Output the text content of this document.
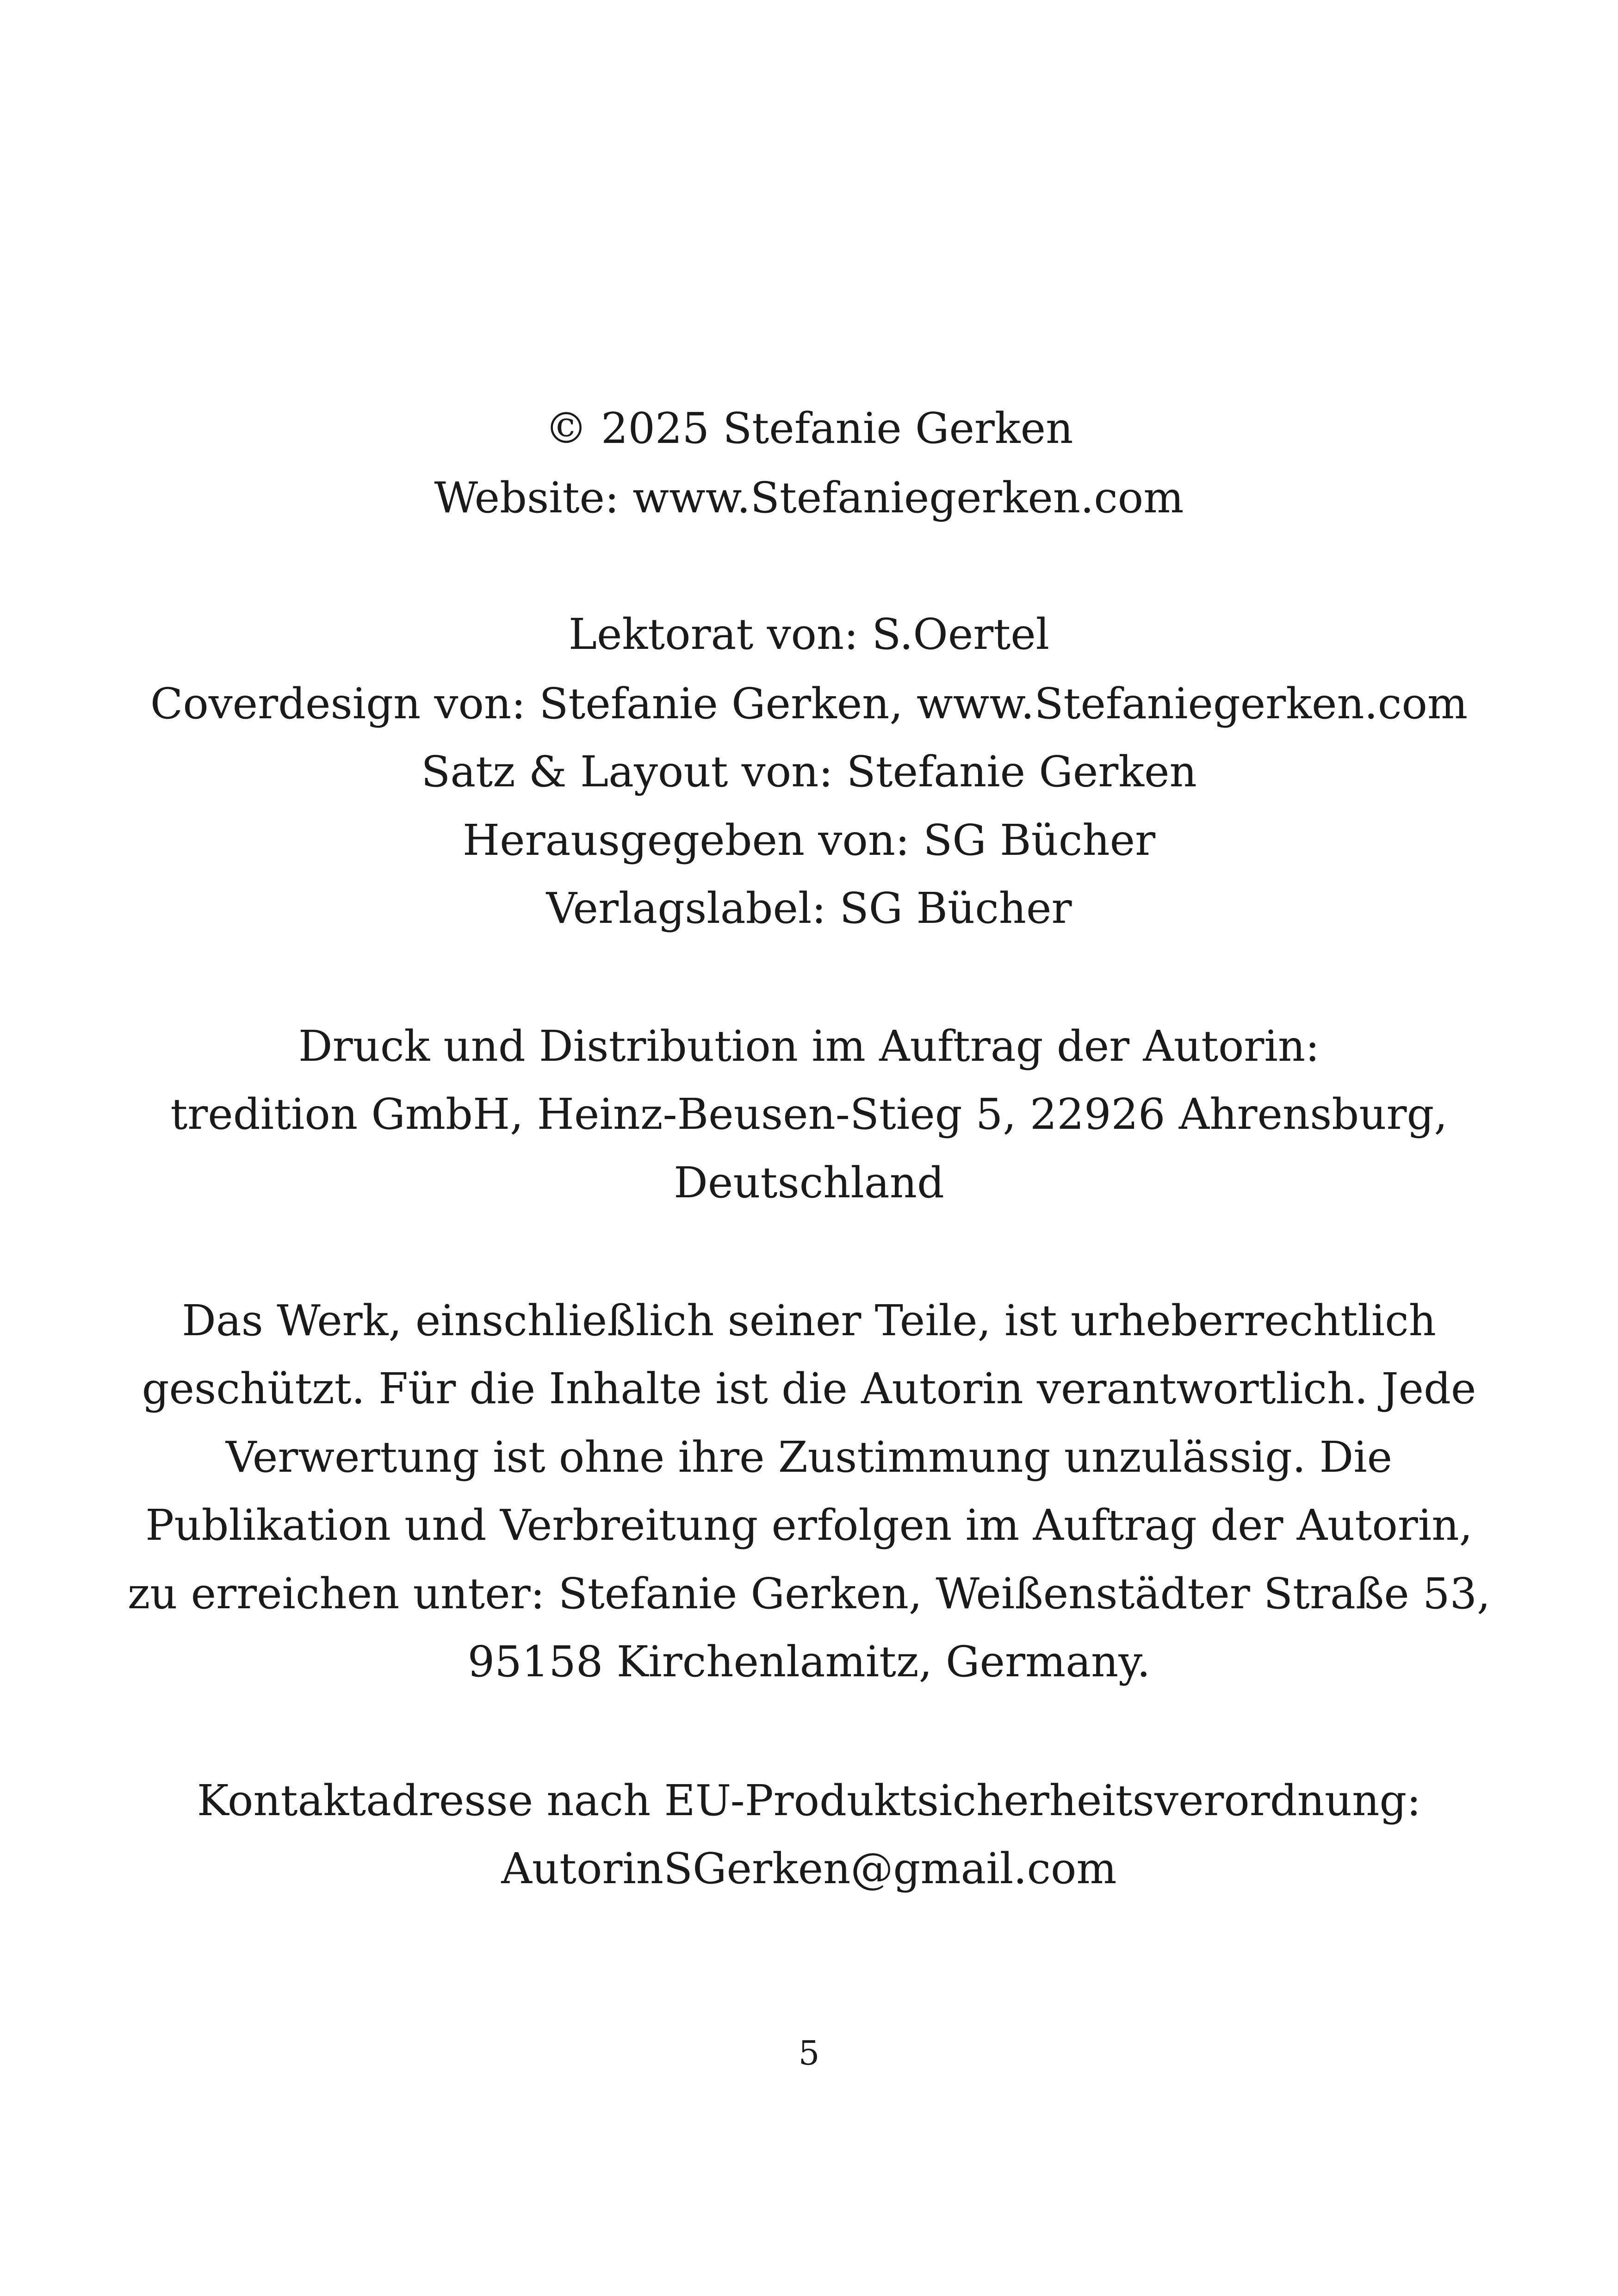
© 2025 Stefanie Gerken
Website: www.Stefaniegerken.com
Lektorat von: S.Oertel
Coverdesign von: Stefanie Gerken, www.Stefaniegerken.com
Satz & Layout von: Stefanie Gerken
Herausgegeben von: SG Bücher
Verlagslabel: SG Bücher
Druck und Distribution im Auftrag der Autorin:
tredition GmbH, Heinz-Beusen-Stieg 5, 22926 Ahrensburg,
Deutschland
Das Werk, einschließlich seiner Teile, ist urheberrechtlich
geschützt. Für die Inhalte ist die Autorin verantwortlich. Jede
Verwertung ist ohne ihre Zustimmung unzulässig. Die
Publikation und Verbreitung erfolgen im Auftrag der Autorin,
zu erreichen unter: Stefanie Gerken, Weißenstädter Straße 53,
95158 Kirchenlamitz, Germany.
Kontaktadresse nach EU-Produktsicherheitsverordnung:
AutorinSGerken@gmail.com
5
